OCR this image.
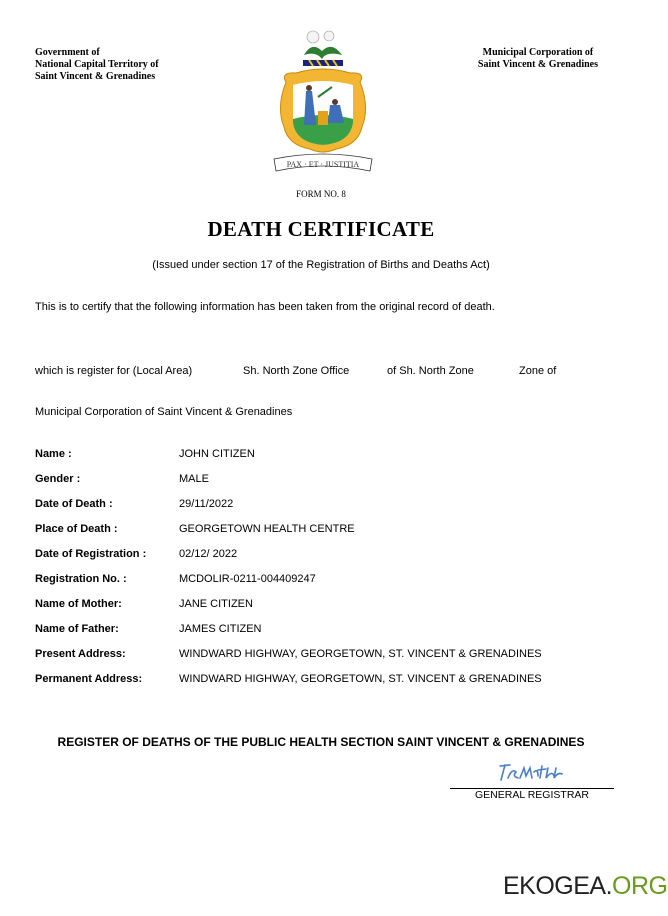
Government of
National Capital Territory of
Saint Vincent & Grenadines
Municipal Corporation of
Saint Vincent & Grenadines
PAX · ET · JUSTITIA
FORM NO. 8
DEATH CERTIFICATE
(Issued under section 17 of the Registration of Births and Deaths Act)
This is to certify that the following information has been taken from the original record of death.
which is register for (Local Area)	Sh. North Zone Office	of Sh. North Zone	Zone of
Municipal Corporation of Saint Vincent & Grenadines
Name :	JOHN CITIZEN
Gender :	MALE
Date of Death :	29/11/2022
Place of Death :	GEORGETOWN HEALTH CENTRE
Date of Registration :	02/12/ 2022
Registration No. :	MCDOLIR-0211-004409247
Name of Mother:	JANE CITIZEN
Name of Father:	JAMES CITIZEN
Present Address:	WINDWARD HIGHWAY, GEORGETOWN, ST. VINCENT & GRENADINES
Permanent Address:	WINDWARD HIGHWAY, GEORGETOWN, ST. VINCENT & GRENADINES
REGISTER OF DEATHS OF THE PUBLIC HEALTH SECTION SAINT VINCENT & GRENADINES
GENERAL REGISTRAR
EKOGEA.ORG
